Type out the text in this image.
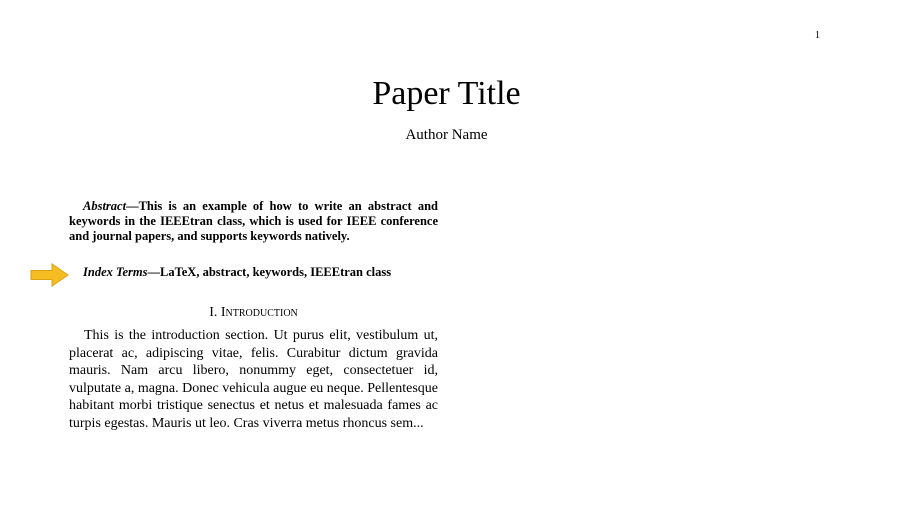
1
Paper Title
Author Name

Abstract—This is an example of how to write an abstract and keywords in the IEEEtran class, which is used for IEEE conference and journal papers, and supports keywords natively.

Index Terms—LaTeX, abstract, keywords, IEEEtran class

I. Introduction

This is the introduction section. Ut purus elit, vestibulum ut, placerat ac, adipiscing vitae, felis. Curabitur dictum gravida mauris. Nam arcu libero, nonummy eget, consectetuer id, vulputate a, magna. Donec vehicula augue eu neque. Pellentesque habitant morbi tristique senectus et netus et malesuada fames ac turpis egestas. Mauris ut leo. Cras viverra metus rhoncus sem...
